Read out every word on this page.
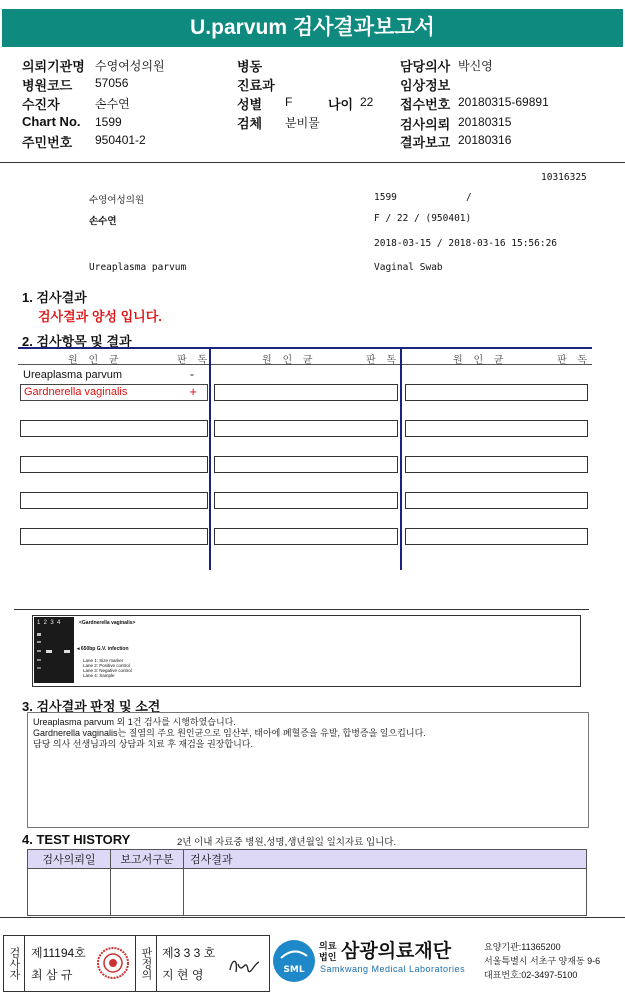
U.parvum 검사결과보고서
의뢰기관명 수영여성의원
병원코드 57056
수진자	손수연
Chart No. 1599
주민번호 950401-2
병동
진료과
성별 F	나이 22
검체 분비물
담당의사 박신영
임상정보
접수번호 20180315-69891
검사의뢰 20180315
결과보고 20180316
10316325
수영여성의원	1599	/
손수연	F / 22 / (950401)
2018-03-15 / 2018-03-16 15:56:26
Ureaplasma parvum	Vaginal Swab
1. 검사결과
검사결과 양성 입니다.
2. 검사항목 및 결과
원 인 균	판 독	원 인 균	판 독	원 인 균	판 독
Ureaplasma parvum	-
Gardnerella vaginalis	+
1  2  3  4	<Gardnerella vaginalis>
◂ 650bp G.V. infection
Lane 1: Size marker
Lane 2: Positive control
Lane 3: Negative control
Lane 4: Sample
3. 검사결과 판정 및 소견
Ureaplasma parvum 외 1건 검사를 시행하였습니다.
Gardnerella vaginalis는 질염의 주요 원인균으로 임산부, 태아에 폐혈증을 유발, 합병증을 일으킵니다.
담당 의사 선생님과의 상담과 치료 후 재검을 권장합니다.
4. TEST HISTORY	2년 이내 자료중 병원,성명,생년월일 일치자료 입니다.
검사의뢰일	보고서구분	검사결과

검사자 제11194호
최 삼 규	판정의 제3 3 3 호
지 현 영	SML
의료
법인 삼광의료재단
Samkwang Medical Laboratories
요양기관:11365200
서울특별시 서초구 양재동 9-6
대표번호:02-3497-5100
